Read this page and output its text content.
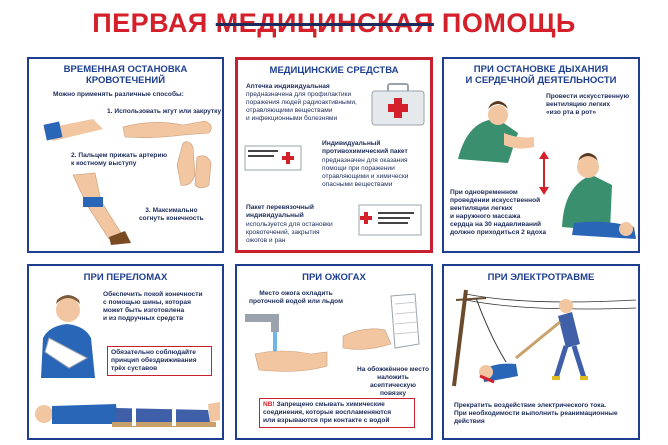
ПЕРВАЯ МЕДИЦИНСКАЯ ПОМОЩЬ
ВРЕМЕННАЯ ОСТАНОВКА
КРОВОТЕЧЕНИЙ
Можно применять различные способы:
1. Использовать жгут или закрутку
2. Пальцем прижать артерию
к костному выступу
3. Максимально
согнуть конечность
МЕДИЦИНСКИЕ СРЕДСТВА
Аптечка индивидуальная
предназначена для профилактики
поражения людей радиоактивными,
отравляющими веществами
и инфекционными болезнями
Индивидуальный
противохимический пакет
предназначен для оказания
помощи при поражении
отравляющими и химически
опасными веществами
Пакет перевязочный
индивидуальный
используется для остановки
кровотечений, закрытия
ожогов и ран
ПРИ ОСТАНОВКЕ ДЫХАНИЯ
И СЕРДЕЧНОЙ ДЕЯТЕЛЬНОСТИ
Провести искусственную
вентиляцию легких
«изо рта в рот»
При одновременном
проведении искусственной
вентиляции легких
и наружного массажа
сердца на 30 надавливаний
должно приходиться 2 вдоха
ПРИ ПЕРЕЛОМАХ
Обеспечить покой конечности
с помощью шины, которая
может быть изготовлена
и из подручных средств
Обязательно соблюдайте
принцип обездвиживания
трёх суставов
ПРИ ОЖОГАХ
Место ожога охладить
проточной водой или льдом
На обожжённое место
наложить асептическую
повязку
NB! Запрещено смывать химические
соединения, которые воспламеняются
или взрываются при контакте с водой
ПРИ ЭЛЕКТРОТРАВМЕ
Прекратить воздействие электрического тока.
При необходимости выполнить реанимационные
действия
